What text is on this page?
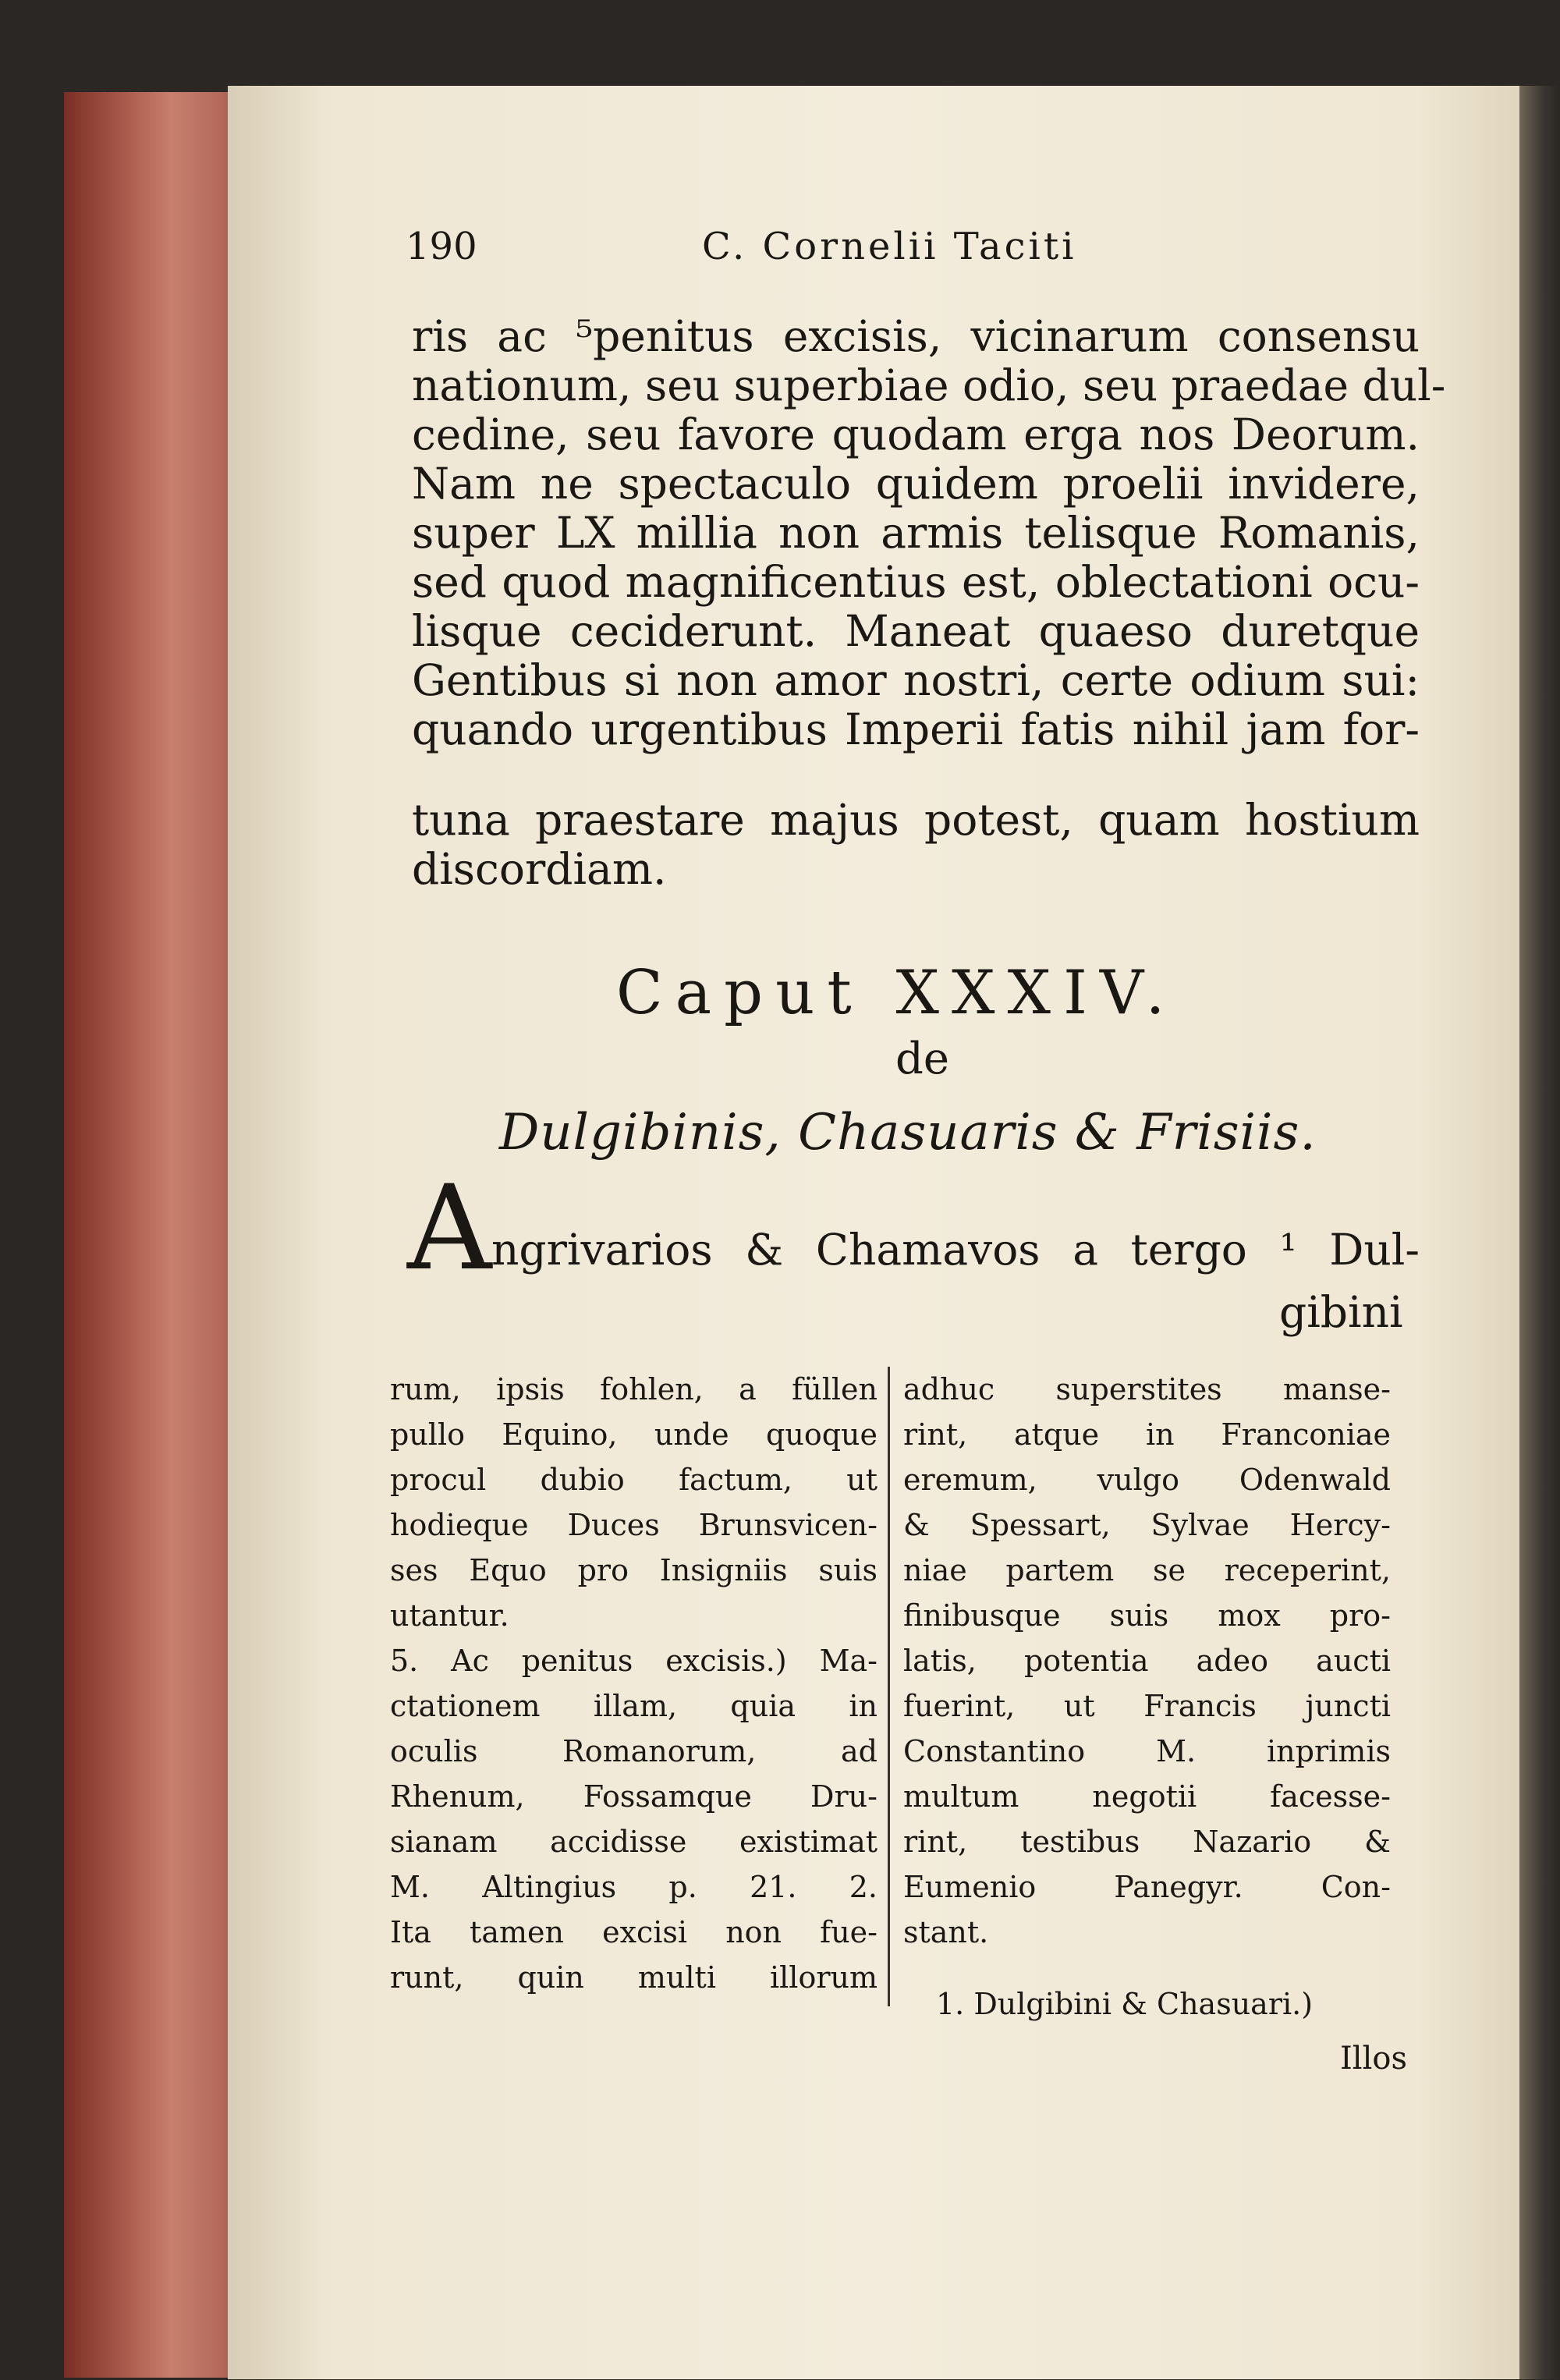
190	C. Cornelii Taciti
ris ac ⁵penitus excisis, vicinarum consensu
nationum, seu superbiae odio, seu praedae dul-
cedine, seu favore quodam erga nos Deorum.
Nam ne spectaculo quidem proelii invidere,
super LX millia non armis telisque Romanis,
sed quod magnificentius est, oblectationi ocu-
lisque ceciderunt. Maneat quaeso duretque
Gentibus si non amor nostri, certe odium sui:
quando urgentibus Imperii fatis nihil jam for-
tuna praestare majus potest, quam hostium
discordiam.
Caput XXXIV.
de
Dulgibinis, Chasuaris & Frisiis.
A ngrivarios & Chamavos a tergo ¹ Dul-
gibini
rum, ipsis fohlen, a füllen
pullo Equino, unde quoque
procul dubio factum, ut
hodieque Duces Brunsvicen-
ses Equo pro Insigniis suis
utantur.
5. Ac penitus excisis.) Ma-
ctationem illam, quia in
oculis Romanorum, ad
Rhenum, Fossamque Dru-
sianam accidisse existimat
M. Altingius p. 21. 2.
Ita tamen excisi non fue-
runt, quin multi illorum
adhuc superstites manse-
rint, atque in Franconiae
eremum, vulgo Odenwald
& Spessart, Sylvae Hercy-
niae partem se receperint,
finibusque suis mox pro-
latis, potentia adeo aucti
fuerint, ut Francis juncti
Constantino M. inprimis
multum negotii facesse-
rint, testibus Nazario &
Eumenio Panegyr. Con-
stant.
1. Dulgibini & Chasuari.)
Illos
